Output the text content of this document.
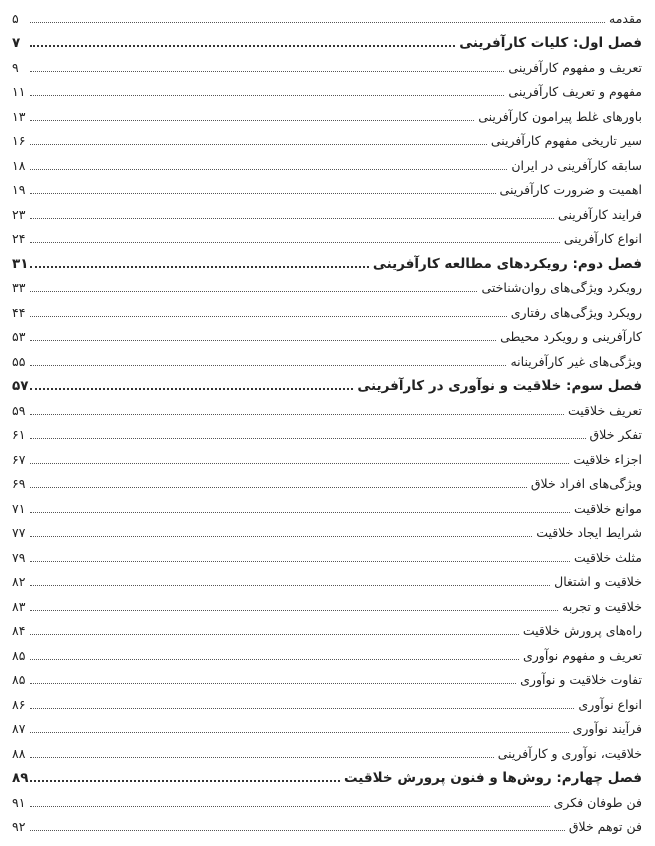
مقدمه
۵
فصل اول: کلیات کارآفرینی
۷
تعریف و مفهوم کارآفرینی
۹
مفهوم و تعریف کارآفرینی
۱۱
باورهای غلط پیرامون کارآفرینی
۱۳
سیر تاریخی مفهوم کارآفرینی
۱۶
سابقه کارآفرینی در ایران
۱۸
اهمیت و ضرورت کارآفرینی
۱۹
فرایند کارآفرینی
۲۳
انواع کارآفرینی
۲۴
فصل دوم: رویکردهای مطالعه کارآفرینی
۳۱
رویکرد ویژگی‌های روان‌شناختی
۳۳
رویکرد ویژگی‌های رفتاری
۴۴
کارآفرینی و رویکرد محیطی
۵۳
ویژگی‌های غیر کارآفرینانه
۵۵
فصل سوم: خلاقیت و نوآوری در کارآفرینی
۵۷
تعریف خلاقیت
۵۹
تفکر خلاق
۶۱
اجزاء خلاقیت
۶۷
ویژگی‌های افراد خلاق
۶۹
موانع خلاقیت
۷۱
شرایط ایجاد خلاقیت
۷۷
مثلث خلاقیت
۷۹
خلاقیت و اشتغال
۸۲
خلاقیت و تجربه
۸۳
راه‌های پرورش خلاقیت
۸۴
تعریف و مفهوم نوآوری
۸۵
تفاوت خلاقیت و نوآوری
۸۵
انواع نوآوری
۸۶
فرآیند نوآوری
۸۷
خلاقیت، نوآوری و کارآفرینی
۸۸
فصل چهارم: روش‌ها و فنون پرورش خلاقیت
۸۹
فن طوفان فکری
۹۱
فن توهم خلاق
۹۲
